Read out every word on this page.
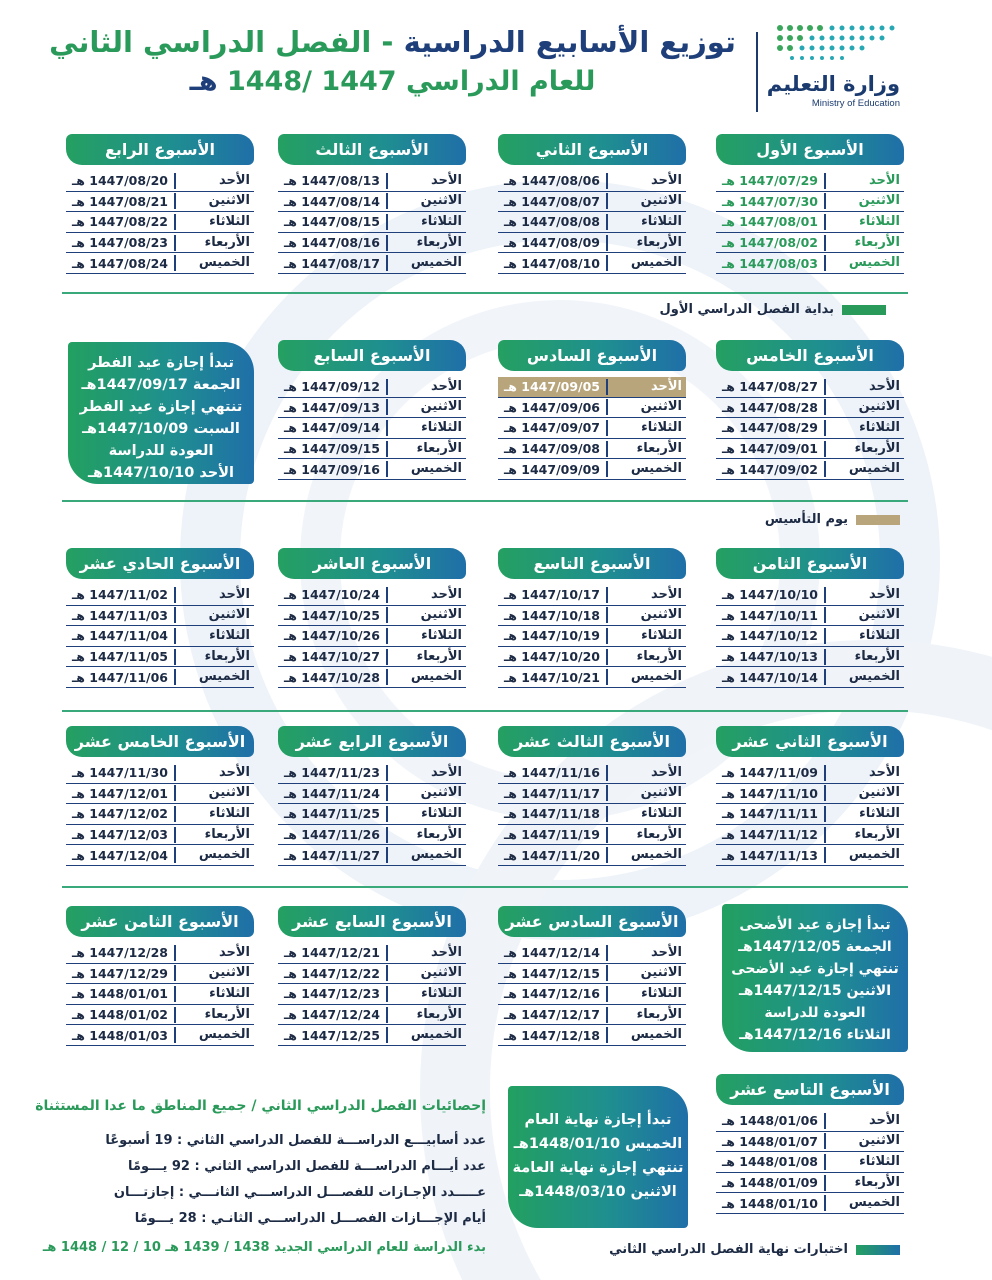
وزارة التعليم
Ministry of Education
توزيع الأسابيع الدراسية - الفصل الدراسي الثاني
للعام الدراسي 1447 /1448 هـ
الأسبوع الأول
الأحد
1447/07/29 هـ
الاثنين
1447/07/30 هـ
الثلاثاء
1447/08/01 هـ
الأربعاء
1447/08/02 هـ
الخميس
1447/08/03 هـ
الأسبوع الثاني
الأحد
1447/08/06 هـ
الاثنين
1447/08/07 هـ
الثلاثاء
1447/08/08 هـ
الأربعاء
1447/08/09 هـ
الخميس
1447/08/10 هـ
الأسبوع الثالث
الأحد
1447/08/13 هـ
الاثنين
1447/08/14 هـ
الثلاثاء
1447/08/15 هـ
الأربعاء
1447/08/16 هـ
الخميس
1447/08/17 هـ
الأسبوع الرابع
الأحد
1447/08/20 هـ
الاثنين
1447/08/21 هـ
الثلاثاء
1447/08/22 هـ
الأربعاء
1447/08/23 هـ
الخميس
1447/08/24 هـ
الأسبوع الخامس
الأحد
1447/08/27 هـ
الاثنين
1447/08/28 هـ
الثلاثاء
1447/08/29 هـ
الأربعاء
1447/09/01 هـ
الخميس
1447/09/02 هـ
الأسبوع السادس
الأحد
1447/09/05 هـ
الاثنين
1447/09/06 هـ
الثلاثاء
1447/09/07 هـ
الأربعاء
1447/09/08 هـ
الخميس
1447/09/09 هـ
الأسبوع السابع
الأحد
1447/09/12 هـ
الاثنين
1447/09/13 هـ
الثلاثاء
1447/09/14 هـ
الأربعاء
1447/09/15 هـ
الخميس
1447/09/16 هـ
الأسبوع الثامن
الأحد
1447/10/10 هـ
الاثنين
1447/10/11 هـ
الثلاثاء
1447/10/12 هـ
الأربعاء
1447/10/13 هـ
الخميس
1447/10/14 هـ
الأسبوع التاسع
الأحد
1447/10/17 هـ
الاثنين
1447/10/18 هـ
الثلاثاء
1447/10/19 هـ
الأربعاء
1447/10/20 هـ
الخميس
1447/10/21 هـ
الأسبوع العاشر
الأحد
1447/10/24 هـ
الاثنين
1447/10/25 هـ
الثلاثاء
1447/10/26 هـ
الأربعاء
1447/10/27 هـ
الخميس
1447/10/28 هـ
الأسبوع الحادي عشر
الأحد
1447/11/02 هـ
الاثنين
1447/11/03 هـ
الثلاثاء
1447/11/04 هـ
الأربعاء
1447/11/05 هـ
الخميس
1447/11/06 هـ
الأسبوع الثاني عشر
الأحد
1447/11/09 هـ
الاثنين
1447/11/10 هـ
الثلاثاء
1447/11/11 هـ
الأربعاء
1447/11/12 هـ
الخميس
1447/11/13 هـ
الأسبوع الثالث عشر
الأحد
1447/11/16 هـ
الاثنين
1447/11/17 هـ
الثلاثاء
1447/11/18 هـ
الأربعاء
1447/11/19 هـ
الخميس
1447/11/20 هـ
الأسبوع الرابع عشر
الأحد
1447/11/23 هـ
الاثنين
1447/11/24 هـ
الثلاثاء
1447/11/25 هـ
الأربعاء
1447/11/26 هـ
الخميس
1447/11/27 هـ
الأسبوع الخامس عشر
الأحد
1447/11/30 هـ
الاثنين
1447/12/01 هـ
الثلاثاء
1447/12/02 هـ
الأربعاء
1447/12/03 هـ
الخميس
1447/12/04 هـ
الأسبوع السادس عشر
الأحد
1447/12/14 هـ
الاثنين
1447/12/15 هـ
الثلاثاء
1447/12/16 هـ
الأربعاء
1447/12/17 هـ
الخميس
1447/12/18 هـ
الأسبوع السابع عشر
الأحد
1447/12/21 هـ
الاثنين
1447/12/22 هـ
الثلاثاء
1447/12/23 هـ
الأربعاء
1447/12/24 هـ
الخميس
1447/12/25 هـ
الأسبوع الثامن عشر
الأحد
1447/12/28 هـ
الاثنين
1447/12/29 هـ
الثلاثاء
1448/01/01 هـ
الأربعاء
1448/01/02 هـ
الخميس
1448/01/03 هـ
الأسبوع التاسع عشر
الأحد
1448/01/06 هـ
الاثنين
1448/01/07 هـ
الثلاثاء
1448/01/08 هـ
الأربعاء
1448/01/09 هـ
الخميس
1448/01/10 هـ
بداية الفصل الدراسي الأول
يوم التأسيس
اختبارات نهاية الفصل الدراسي الثاني
تبدأ إجازة عيد الفطر
الجمعة 1447/09/17هـ
تنتهي إجازة عيد الفطر
السبت 1447/10/09هـ
العودة للدراسة
الأحد 1447/10/10هـ
تبدأ إجازة عيد الأضحى
الجمعة 1447/12/05هـ
تنتهي إجازة عيد الأضحى
الاثنين 1447/12/15هـ
العودة للدراسة
الثلاثاء 1447/12/16هـ
تبدأ إجازة نهاية العام
الخميس 1448/01/10هـ
تنتهي إجازة نهاية العامة
الاثنين 1448/03/10هـ
إحصائيات الفصل الدراسي الثاني / جميع المناطق ما عدا المستثناة
عدد أسابيـــع الدراســـة للفصل الدراسي الثاني : 19 أسبوعًا
عدد أيـــام الدراســـة للفصل الدراسي الثاني : 92 يـــومًا
عـــــدد الإجـازات للفصـــل الدراســـي الثانـــي : إجازتـــان
أيام الإجـــازات الفصـــل الدراســـي الثانـي : 28 يـــومًا
بدء الدراسة للعام الدراسي الجديد 1438 / 1439 هـ 10 / 12 / 1448 هـ
